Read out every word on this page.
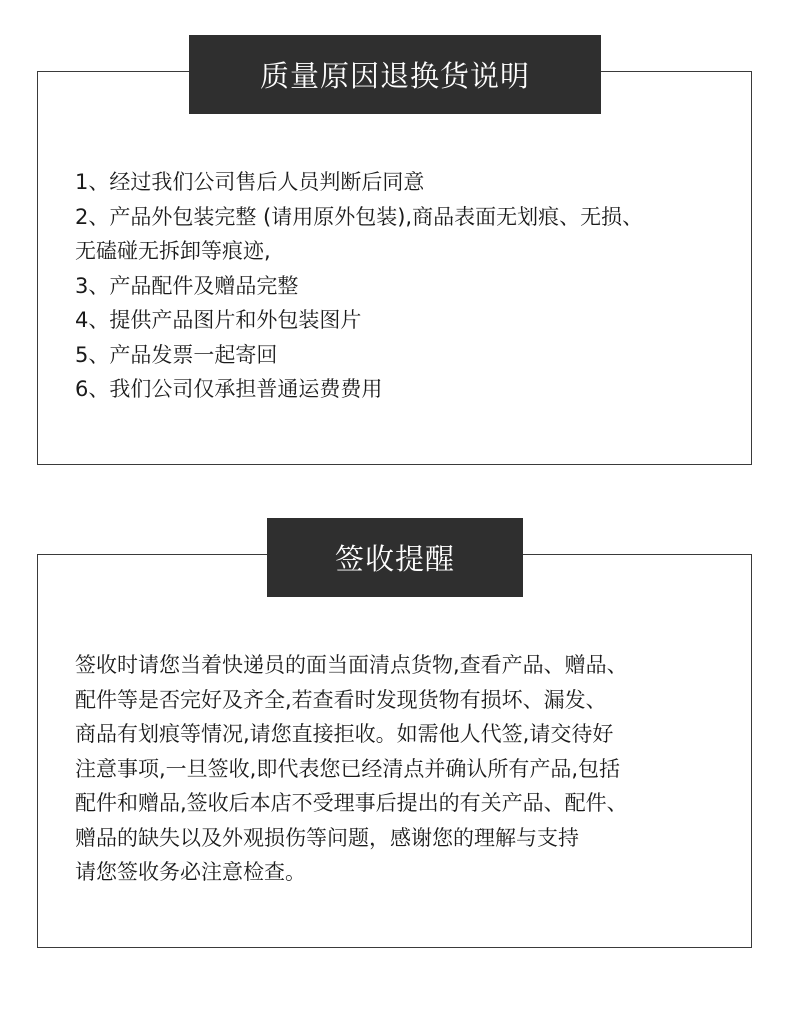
质量原因退换货说明
1、经过我们公司售后人员判断后同意
2、产品外包装完整 (请用原外包装),商品表面无划痕、无损、
无磕碰无拆卸等痕迹,
3、产品配件及赠品完整
4、提供产品图片和外包装图片
5、产品发票一起寄回
6、我们公司仅承担普通运费费用
签收提醒
签收时请您当着快递员的面当面清点货物,查看产品、赠品、
配件等是否完好及齐全,若查看时发现货物有损坏、漏发、
商品有划痕等情况,请您直接拒收。如需他人代签,请交待好
注意事项,一旦签收,即代表您已经清点并确认所有产品,包括
配件和赠品,签收后本店不受理事后提出的有关产品、配件、
赠品的缺失以及外观损伤等问题，感谢您的理解与支持
请您签收务必注意检查。
